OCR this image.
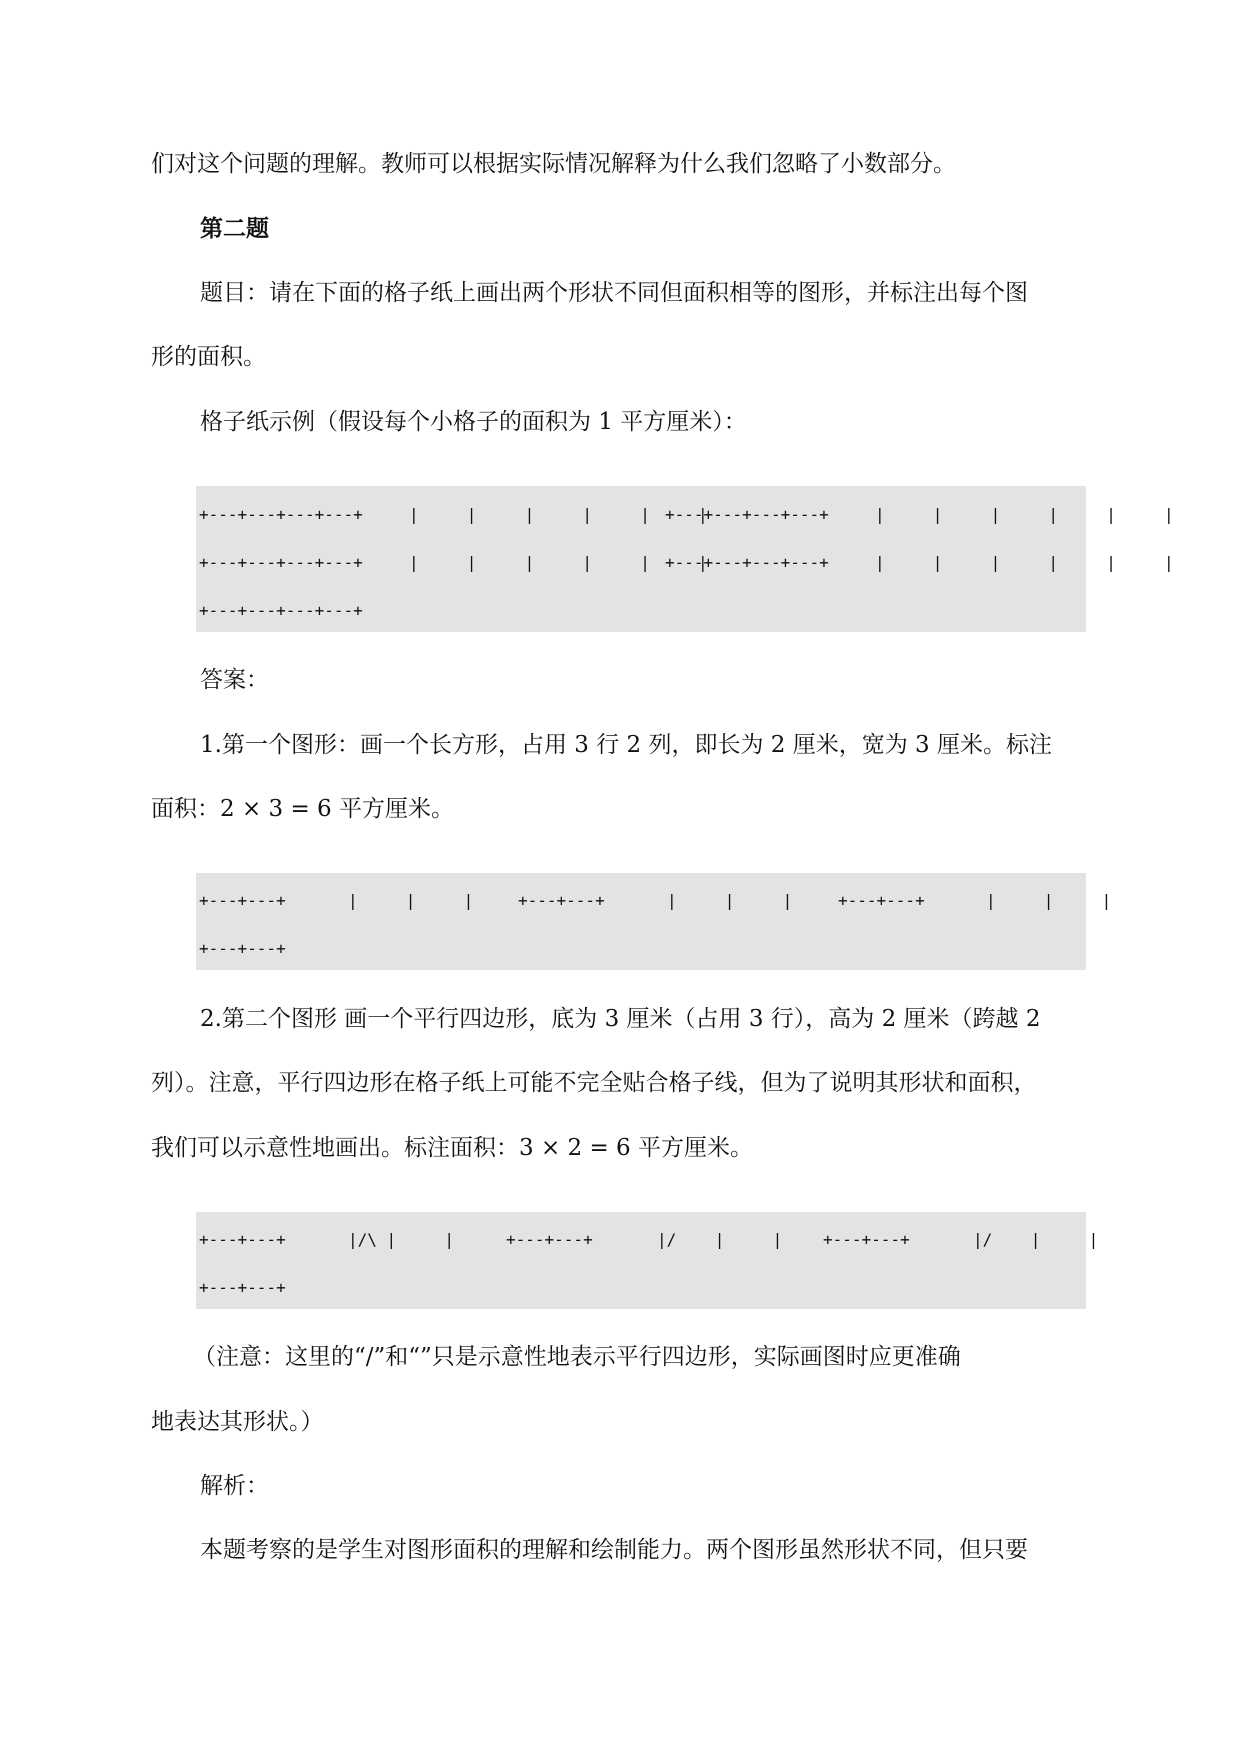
们对这个问题的理解。教师可以根据实际情况解释为什么我们忽略了小数部分。
第二题
题目：请在下面的格子纸上画出两个形状不同但面积相等的图形，并标注出每个图
形的面积。
格子纸示例（假设每个小格子的面积为 1 平方厘米）：
+---+---+---+---+	|     |     |     |     |     |
+---+---+---+---+	|     |     |     |     |     |
+---+---+---+---+	|     |     |     |     |     |
+---+---+---+---+	|     |     |     |     |     |
+---+---+---+---+
答案：
1.第一个图形：画一个长方形，占用 3 行 2 列，即长为 2 厘米，宽为 3 厘米。标注
面积：2 × 3 = 6 平方厘米。
+---+---+	|     |     |	+---+---+	|     |     |	+---+---+	|     |     |
+---+---+
2.第二个图形 画一个平行四边形，底为 3 厘米（占用 3 行），高为 2 厘米（跨越 2
列）。注意，平行四边形在格子纸上可能不完全贴合格子线，但为了说明其形状和面积，
我们可以示意性地画出。标注面积：3 × 2 = 6 平方厘米。
+---+---+	|/\ |     |	+---+---+	|/    |     |	+---+---+	|/    |     |
+---+---+
（注意：这里的“/”和“”只是示意性地表示平行四边形，实际画图时应更准确
地表达其形状。）
解析：
本题考察的是学生对图形面积的理解和绘制能力。两个图形虽然形状不同，但只要
